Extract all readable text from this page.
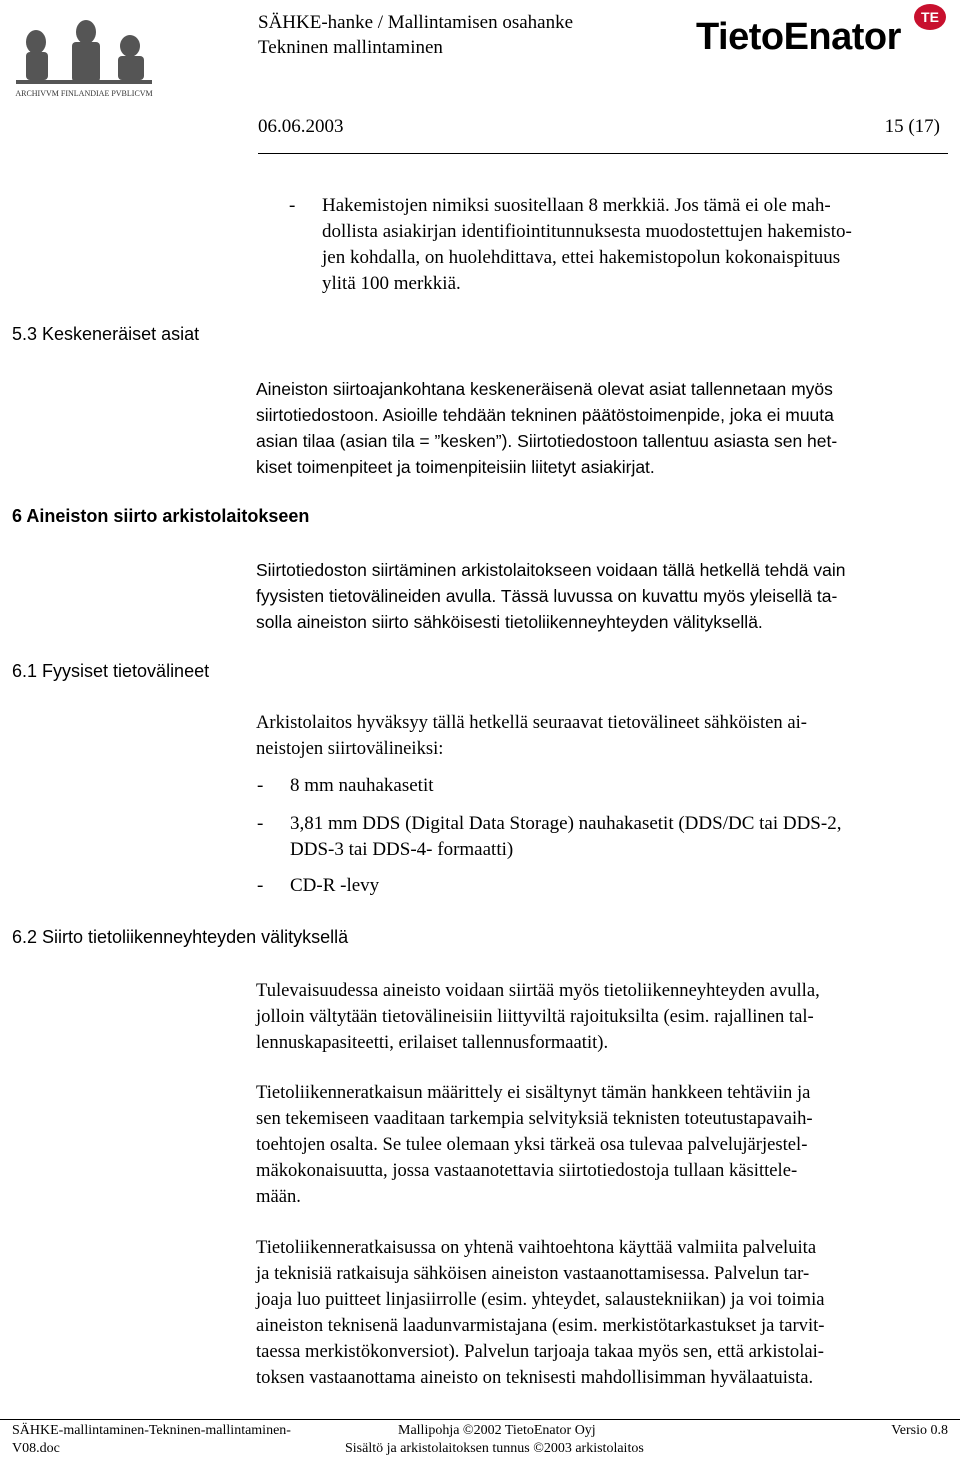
ARCHIVVM FINLANDIAE PVBLICVM
SÄHKE-hanke / Mallintamisen osahanke
Tekninen mallintaminen	TietoEnator	TE
06.06.2003	15 (17)
- Hakemistojen nimiksi suositellaan 8 merkkiä. Jos tämä ei ole mah-
dollista asiakirjan identifiointitunnuksesta muodostettujen hakemisto-
jen kohdalla, on huolehdittava, ettei hakemistopolun kokonaispituus
ylitä 100 merkkiä.
5.3 Keskeneräiset asiat
Aineiston siirtoajankohtana keskeneräisenä olevat asiat tallennetaan myös
siirtotiedostoon. Asioille tehdään tekninen päätöstoimenpide, joka ei muuta
asian tilaa (asian tila = ”kesken”). Siirtotiedostoon tallentuu asiasta sen het-
kiset toimenpiteet ja toimenpiteisiin liitetyt asiakirjat.
6 Aineiston siirto arkistolaitokseen
Siirtotiedoston siirtäminen arkistolaitokseen voidaan tällä hetkellä tehdä vain
fyysisten tietovälineiden avulla. Tässä luvussa on kuvattu myös yleisellä ta-
solla aineiston siirto sähköisesti tietoliikenneyhteyden välityksellä.
6.1 Fyysiset tietovälineet
Arkistolaitos hyväksyy tällä hetkellä seuraavat tietovälineet sähköisten ai-
neistojen siirtovälineiksi:
- 8 mm nauhakasetit
- 3,81 mm DDS (Digital Data Storage) nauhakasetit (DDS/DC tai DDS-2,
DDS-3 tai DDS-4- formaatti)
- CD-R -levy
6.2 Siirto tietoliikenneyhteyden välityksellä
Tulevaisuudessa aineisto voidaan siirtää myös tietoliikenneyhteyden avulla,
jolloin vältytään tietovälineisiin liittyviltä rajoituksilta (esim. rajallinen tal-
lennuskapasiteetti, erilaiset tallennusformaatit).
Tietoliikenneratkaisun määrittely ei sisältynyt tämän hankkeen tehtäviin ja
sen tekemiseen vaaditaan tarkempia selvityksiä teknisten toteutustapavaih-
toehtojen osalta. Se tulee olemaan yksi tärkeä osa tulevaa palvelujärjestel-
mäkokonaisuutta, jossa vastaanotettavia siirtotiedostoja tullaan käsittele-
mään.
Tietoliikenneratkaisussa on yhtenä vaihtoehtona käyttää valmiita palveluita
ja teknisiä ratkaisuja sähköisen aineiston vastaanottamisessa. Palvelun tar-
joaja luo puitteet linjasiirrolle (esim. yhteydet, salaustekniikan) ja voi toimia
aineiston teknisenä laadunvarmistajana (esim. merkistötarkastukset ja tarvit-
taessa merkistökonversiot). Palvelun tarjoaja takaa myös sen, että arkistolai-
toksen vastaanottama aineisto on teknisesti mahdollisimman hyvälaatuista.
SÄHKE-mallintaminen-Tekninen-mallintaminen-
V08.doc
Mallipohja ©2002 TietoEnator Oyj
Sisältö ja arkistolaitoksen tunnus ©2003 arkistolaitos
Versio 0.8
